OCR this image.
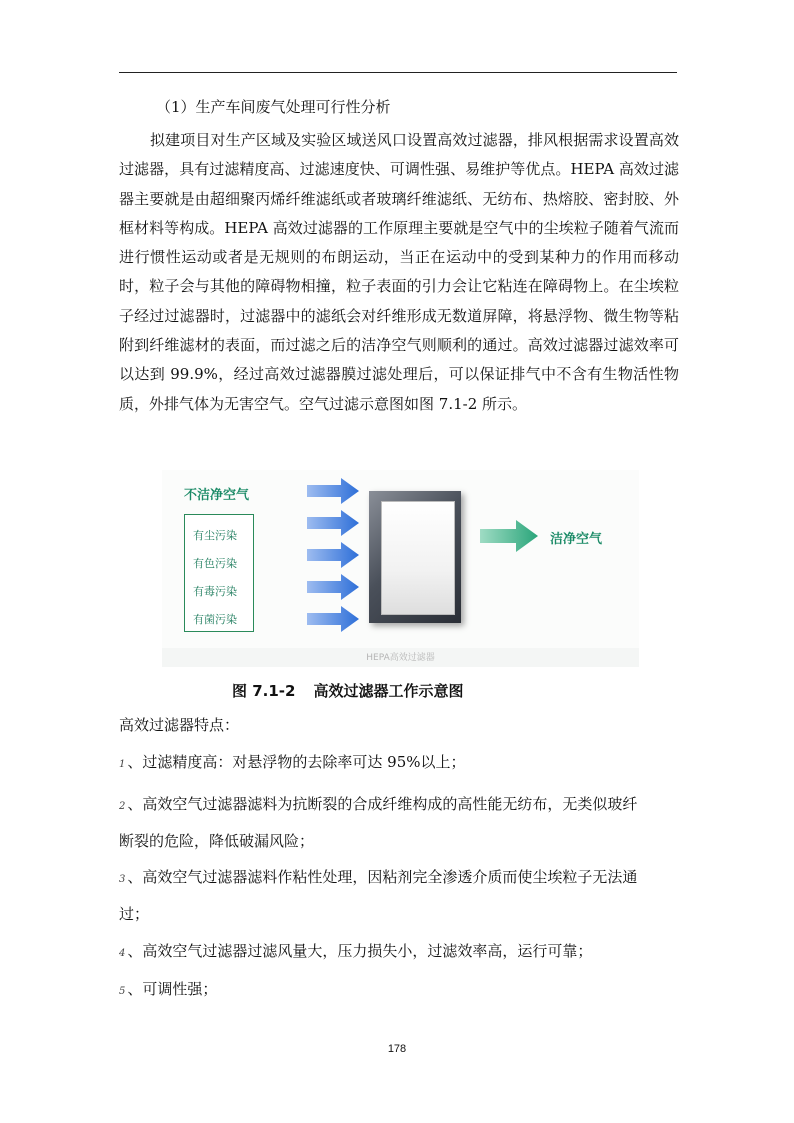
（1）生产车间废气处理可行性分析

拟建项目对生产区域及实验区域送风口设置高效过滤器，排风根据需求设置高效过滤器，具有过滤精度高、过滤速度快、可调性强、易维护等优点。HEPA 高效过滤器主要就是由超细聚丙烯纤维滤纸或者玻璃纤维滤纸、无纺布、热熔胶、密封胶、外框材料等构成。HEPA 高效过滤器的工作原理主要就是空气中的尘埃粒子随着气流而进行惯性运动或者是无规则的布朗运动，当正在运动中的受到某种力的作用而移动时，粒子会与其他的障碍物相撞，粒子表面的引力会让它粘连在障碍物上。在尘埃粒子经过过滤器时，过滤器中的滤纸会对纤维形成无数道屏障，将悬浮物、微生物等粘附到纤维滤材的表面，而过滤之后的洁净空气则顺利的通过。高效过滤器过滤效率可以达到 99.9%，经过高效过滤器膜过滤处理后，可以保证排气中不含有生物活性物质，外排气体为无害空气。空气过滤示意图如图 7.1-2 所示。

不洁净空气
有尘污染
有色污染
有毒污染
有菌污染
洁净空气
HEPA高效过滤器
图 7.1-2 高效过滤器工作示意图
高效过滤器特点：
1 、过滤精度高：对悬浮物的去除率可达 95%以上；
2 、高效空气过滤器滤料为抗断裂的合成纤维构成的高性能无纺布，无类似玻纤
断裂的危险，降低破漏风险；
3 、高效空气过滤器滤料作粘性处理，因粘剂完全渗透介质而使尘埃粒子无法通
过；
4 、高效空气过滤器过滤风量大，压力损失小，过滤效率高，运行可靠；
5 、可调性强；
178
